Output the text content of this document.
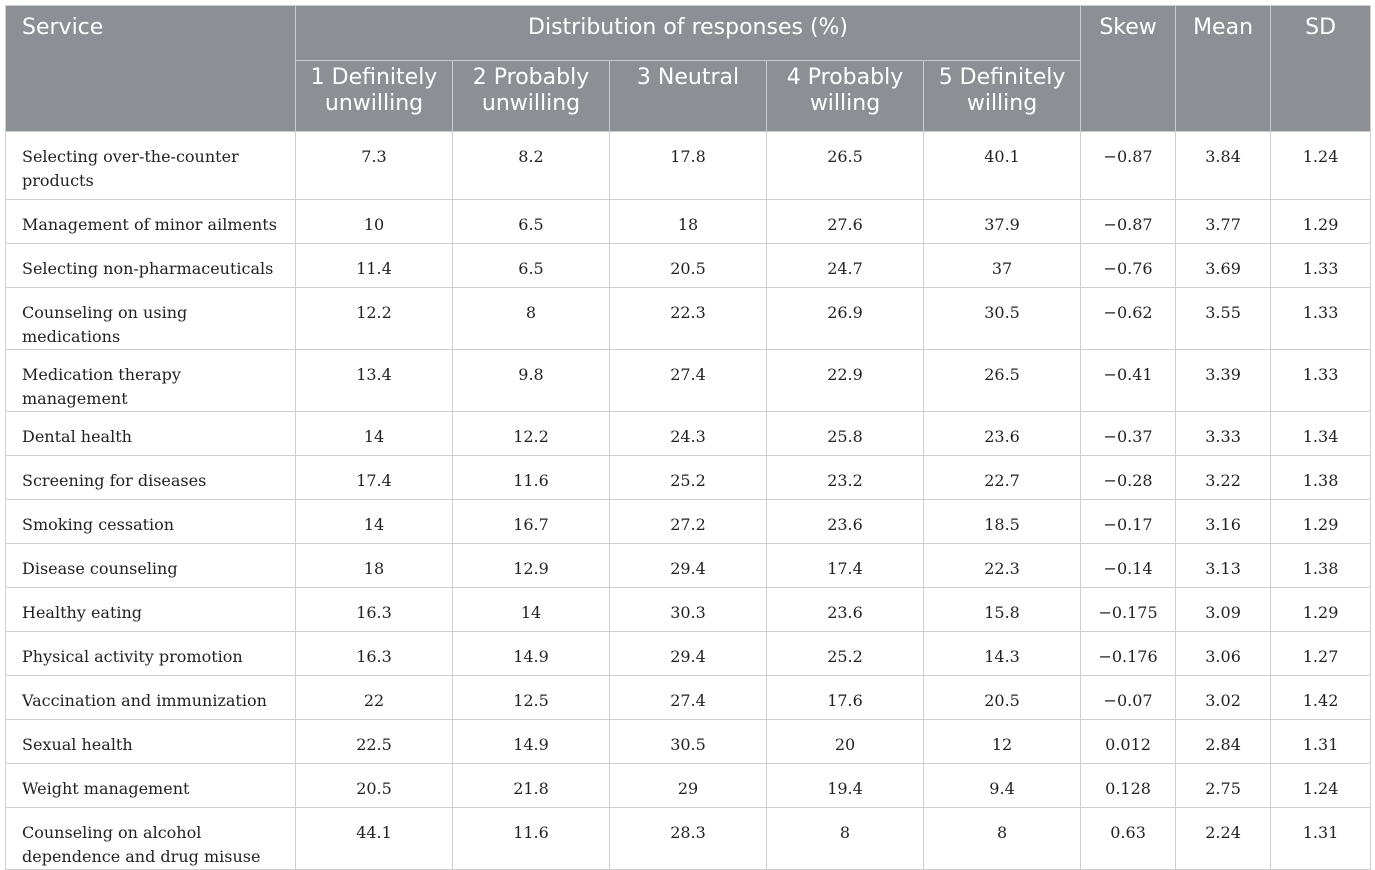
Service	Distribution of responses (%)					Skew	Mean	SD
	1 Definitely unwilling	2 Probably unwilling	3 Neutral	4 Probably willing	5 Definitely willing			
Selecting over-the-counter products	7.3	8.2	17.8	26.5	40.1	−0.87	3.84	1.24
Management of minor ailments	10	6.5	18	27.6	37.9	−0.87	3.77	1.29
Selecting non-pharmaceuticals	11.4	6.5	20.5	24.7	37	−0.76	3.69	1.33
Counseling on using medications	12.2	8	22.3	26.9	30.5	−0.62	3.55	1.33
Medication therapy management	13.4	9.8	27.4	22.9	26.5	−0.41	3.39	1.33
Dental health	14	12.2	24.3	25.8	23.6	−0.37	3.33	1.34
Screening for diseases	17.4	11.6	25.2	23.2	22.7	−0.28	3.22	1.38
Smoking cessation	14	16.7	27.2	23.6	18.5	−0.17	3.16	1.29
Disease counseling	18	12.9	29.4	17.4	22.3	−0.14	3.13	1.38
Healthy eating	16.3	14	30.3	23.6	15.8	−0.175	3.09	1.29
Physical activity promotion	16.3	14.9	29.4	25.2	14.3	−0.176	3.06	1.27
Vaccination and immunization	22	12.5	27.4	17.6	20.5	−0.07	3.02	1.42
Sexual health	22.5	14.9	30.5	20	12	0.012	2.84	1.31
Weight management	20.5	21.8	29	19.4	9.4	0.128	2.75	1.24
Counseling on alcohol dependence and drug misuse	44.1	11.6	28.3	8	8	0.63	2.24	1.31
